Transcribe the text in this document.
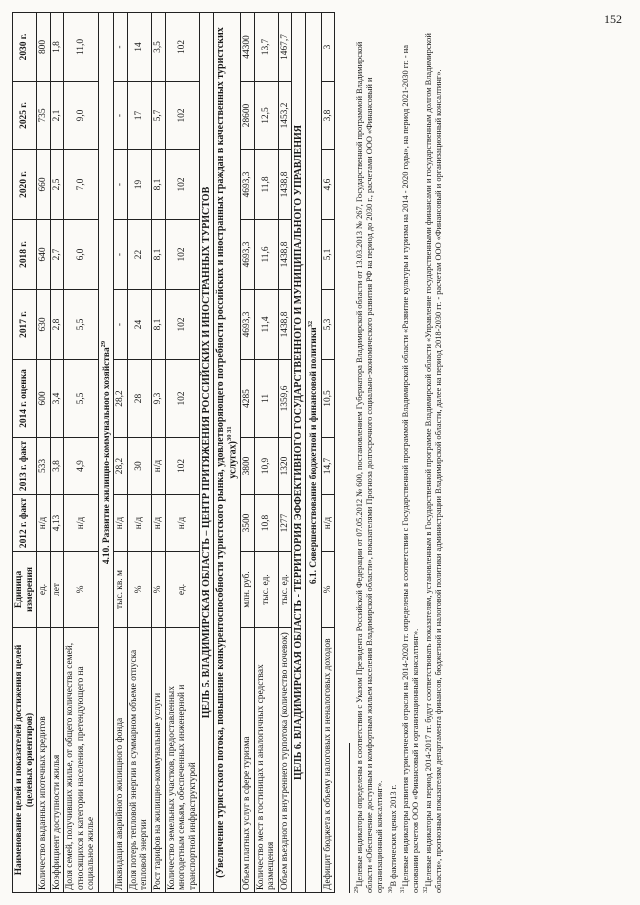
152
Наименование целей и показателей достижения целей (целевых ориентиров)	Единица измерения	2012 г. факт	2013 г. факт	2014 г. оценка	2017 г.	2018 г.	2020 г.	2025 г.	2030 г.
Количество выданных ипотечных кредитов	ед.	н/д	533	600	630	640	660	735	800
Коэффициент доступности жилья	лет	4,13	3,8	3,4	2,8	2,7	2,5	2,1	1,8
Доля семей, получивших жилье, от общего количества семей, относящихся к категории населения, претендующего на социальное жилье	%	н/д	4,9	5,5	5,5	6,0	7,0	9,0	11,0
4.10. Развитие жилищно-коммунального хозяйства$^{29}$
Ликвидация аварийного жилищного фонда	тыс. кв. м	н/д	28,2	28,2	-	-	-	-	-
Доля потерь тепловой энергии в суммарном объеме отпуска тепловой энергии	%	н/д	30	28	24	22	19	17	14
Рост тарифов на жилищно-коммунальные услуги	%	н/д	н/д	9,3	8,1	8,1	8,1	5,7	3,5
Количество земельных участков, предоставленных многодетным семьям, обеспеченных инженерной и транспортной инфраструктурой	ед.	н/д	102	102	102	102	102	102	102
ЦЕЛЬ 5. ВЛАДИМИРСКАЯ ОБЛАСТЬ – ЦЕНТР ПРИТЯЖЕНИЯ РОССИЙСКИХ И ИНОСТРАННЫХ ТУРИСТОВ									
(Увеличение туристского потока, повышение конкурентоспособности туристского рынка, удовлетворяющего потребности российских и иностранных граждан в качественных туристских услугах)$^{30 31}$
Объем платных услуг в сфере туризма	млн. руб.	3500	3800	4285	4693,3	4693,3	4693,3	28600	44300
Количество мест в гостиницах и аналогичных средствах размещения	тыс. ед.	10,8	10,9	11	11,4	11,6	11,8	12,5	13,7
Объем въездного и внутреннего турпотока (количество ночевок)	тыс. ед.	1277	1320	1359,6	1438,8	1438,8	1438,8	1453,2	1467,7
ЦЕЛЬ 6. ВЛАДИМИРСКАЯ ОБЛАСТЬ - ТЕРРИТОРИЯ ЭФФЕКТИВНОГО ГОСУДАРСТВЕННОГО И МУНИЦИПАЛЬНОГО УПРАВЛЕНИЯ									
6.1. Совершенствование бюджетной и финансовой политики$^{32}$
Дефицит бюджета к объему налоговых и неналоговых доходов	%	н/д	14,7	10,5	5,3	5,1	4,6	3,8	3

$^{29}$Целевые индикаторы определены в соответствии с Указом Президента Российской Федерации от 07.05.2012 № 600, постановлением Губернатора Владимирской области от 13.03.2013 № 267, Государственной программой Владимирской области «Обеспечение доступным и комфортным жильем населения Владимирской области», показателями Прогноза долгосрочного социально-экономического развития РФ на период до 2030 г., расчетами ООО «Финансовый и организационный консалтинг». $^{30}$В фактических ценах 2013 г.

$^{31}$Целевые индикаторы развития туристической отрасли на 2014-2020 гг. определены в соответствии с Государственной программой Владимирской области «Развитие культуры и туризма на 2014 - 2020 годы», на период 2021-2030 гг. - на основании расчетов ООО «Финансовый и организационный консалтинг». $^{32}$Целевые индикаторы на период 2014-2017 гг. будут соответствовать показателям, установленным в Государственной программе Владимирской области «Управление государственными финансами и государственным долгом Владимирской области», прогнозным показателям департамента финансов, бюджетной и налоговой политики администрации Владимирской области, далее на период 2018-2030 гг. - расчетам ООО «Финансовый и организационный консалтинг».
